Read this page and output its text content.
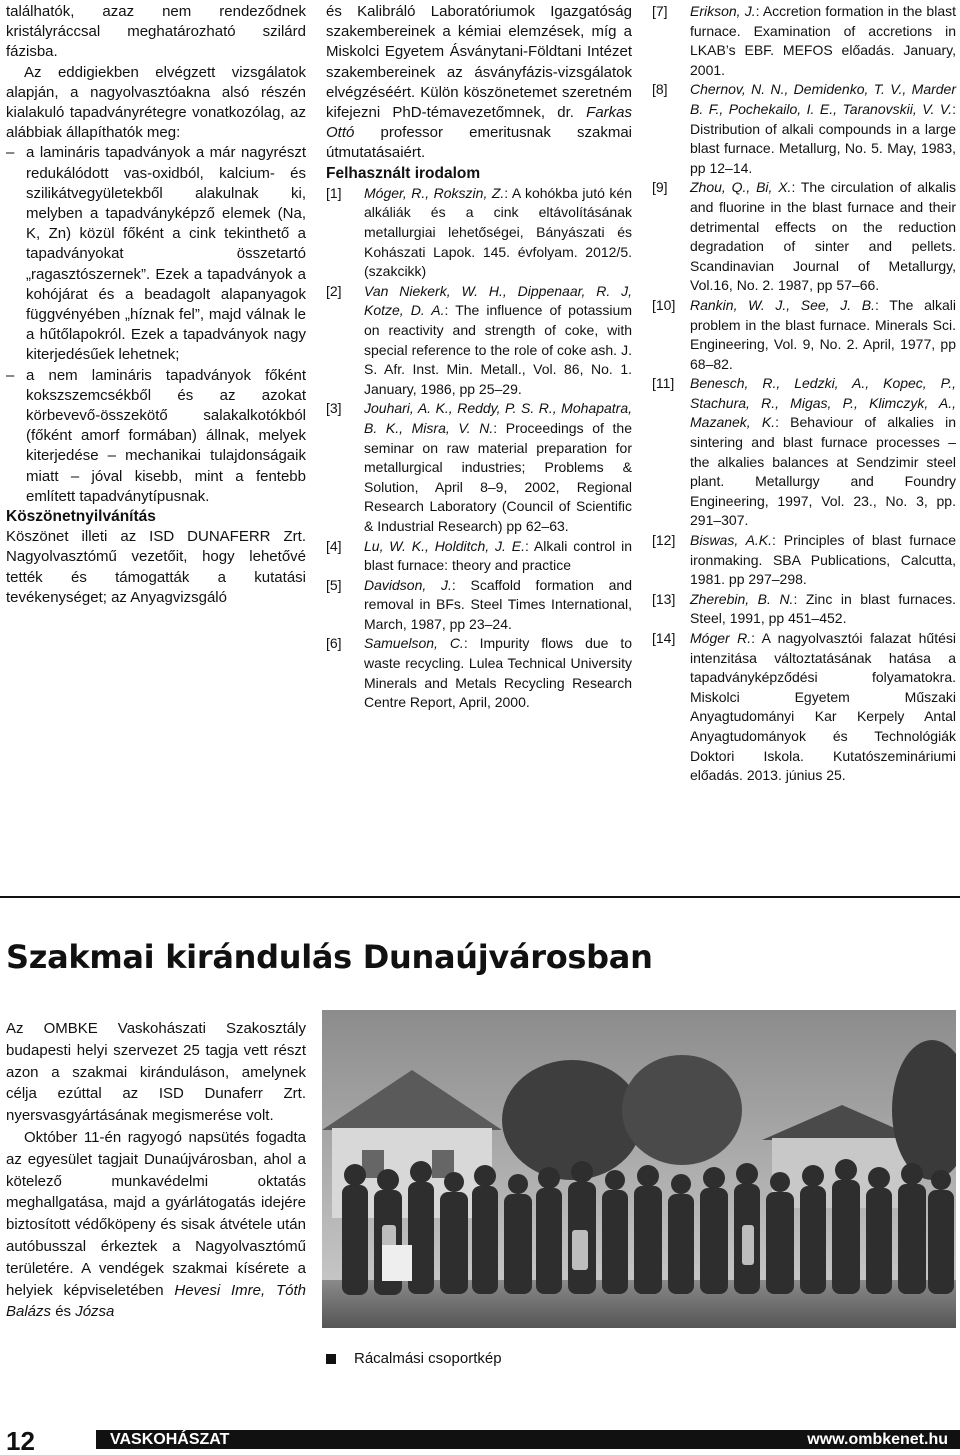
találhatók, azaz nem rendeződnek kristályráccsal meghatározható szilárd fázisba.

Az eddigiekben elvégzett vizsgálatok alapján, a nagyolvasztóakna alsó részén kialakuló tapadványrétegre vonatkozólag, az alábbiak állapíthatók meg:

– a lamináris tapadványok a már nagyrészt redukálódott vas-oxidból, kalcium- és szilikátvegyületekből alakulnak ki, melyben a tapadványképző elemek (Na, K, Zn) közül főként a cink tekinthető a tapadványokat összetartó „ragasztószernek”. Ezek a tapadványok a kohójárat és a beadagolt alapanyagok függvényében „híznak fel”, majd válnak le a hűtőlapokról. Ezek a tapadványok nagy kiterjedésűek lehetnek;
– a nem lamináris tapadványok főként kokszszemcsékből és az azokat körbevevő-összekötő salakalkotókból (főként amorf formában) állnak, melyek kiterjedése – mechanikai tulajdonságaik miatt – jóval kisebb, mint a fentebb említett tapadványtípusnak.

Köszönetnyilvánítás

Köszönet illeti az ISD DUNAFERR Zrt. Nagyolvasztómű vezetőit, hogy lehetővé tették és támogatták a kutatási tevékenységet; az Anyagvizsgáló

és Kalibráló Laboratóriumok Igazgatóság szakembereinek a kémiai elemzések, míg a Miskolci Egyetem Ásványtani-Földtani Intézet szakembereinek az ásványfázis-vizsgálatok elvégzéséért. Külön köszönetemet szeretném kifejezni PhD-témavezetőmnek, dr. Farkas Ottó professor emeritusnak szakmai útmutatásaiért.

Felhasznált irodalom

[1]	Móger, R., Rokszin, Z.: A kohókba jutó kén alkáliák és a cink eltávolításának metallurgiai lehetőségei, Bányászati és Kohászati Lapok. 145. évfolyam. 2012/5. (szakcikk)
[2]	Van Niekerk, W. H., Dippenaar, R. J, Kotze, D. A.: The influence of potassium on reactivity and strength of coke, with special reference to the role of coke ash. J. S. Afr. Inst. Min. Metall., Vol. 86, No. 1. January, 1986, pp 25–29.
[3]	Jouhari, A. K., Reddy, P. S. R., Mohapatra, B. K., Misra, V. N.: Proceedings of the seminar on raw material preparation for metallurgical industries; Problems & Solution, April 8–9, 2002, Regional Research Laboratory (Council of Scientific & Industrial Research) pp 62–63.
[4]	Lu, W. K., Holditch, J. E.: Alkali control in blast furnace: theory and practice
[5]	Davidson, J.: Scaffold formation and removal in BFs. Steel Times International, March, 1987, pp 23–24.
[6]	Samuelson, C.: Impurity flows due to waste recycling. Lulea Technical University Minerals and Metals Recycling Research Centre Report, April, 2000.
[7]	Erikson, J.: Accretion formation in the blast furnace. Examination of accretions in LKAB’s EBF. MEFOS előadás. January, 2001.
[8]	Chernov, N. N., Demidenko, T. V., Marder B. F., Pochekailo, I. E., Taranovskii, V. V.: Distribution of alkali compounds in a large blast furnace. Metallurg, No. 5. May, 1983, pp 12–14.
[9]	Zhou, Q., Bi, X.: The circulation of alkalis and fluorine in the blast furnace and their detrimental effects on the reduction degradation of sinter and pellets. Scandinavian Journal of Metallurgy, Vol.16, No. 2. 1987, pp 57–66.
[10]	Rankin, W. J., See, J. B.: The alkali problem in the blast furnace. Minerals Sci. Engineering, Vol. 9, No. 2. April, 1977, pp 68–82.
[11]	Benesch, R., Ledzki, A., Kopec, P., Stachura, R., Migas, P., Klimczyk, A., Mazanek, K.: Behaviour of alkalies in sintering and blast furnace processes – the alkalies balances at Sendzimir steel plant. Metallurgy and Foundry Engineering, 1997, Vol. 23., No. 3, pp. 291–307.
[12]	Biswas, A.K.: Principles of blast furnace ironmaking. SBA Publications, Calcutta, 1981. pp 297–298.
[13]	Zherebin, B. N.: Zinc in blast furnaces. Steel, 1991, pp 451–452.
[14]	Móger R.: A nagyolvasztói falazat hűtési intenzitása változtatásának hatása a tapadványképződési folyamatokra. Miskolci Egyetem Műszaki Anyagtudományi Kar Kerpely Antal Anyagtudományok és Technológiák Doktori Iskola. Kutatószemináriumi előadás. 2013. június 25.
Szakmai kirándulás Dunaújvárosban

Az OMBKE Vaskohászati Szakosztály budapesti helyi szervezet 25 tagja vett részt azon a szakmai kiránduláson, amelynek célja ezúttal az ISD Dunaferr Zrt. nyersvasgyártásának megismerése volt.

Október 11-én ragyogó napsütés fogadta az egyesület tagjait Dunaújvárosban, ahol a kötelező munkavédelmi oktatás meghallgatása, majd a gyárlátogatás idejére biztosított védőköpeny és sisak átvétele után autóbusszal érkeztek a Nagyolvasztómű területére. A vendégek szakmai kísérete a helyiek képviseletében Hevesi Imre, Tóth Balázs és Józsa

Rácalmási csoportkép
12	VASKOHÁSZAT	www.ombkenet.hu
